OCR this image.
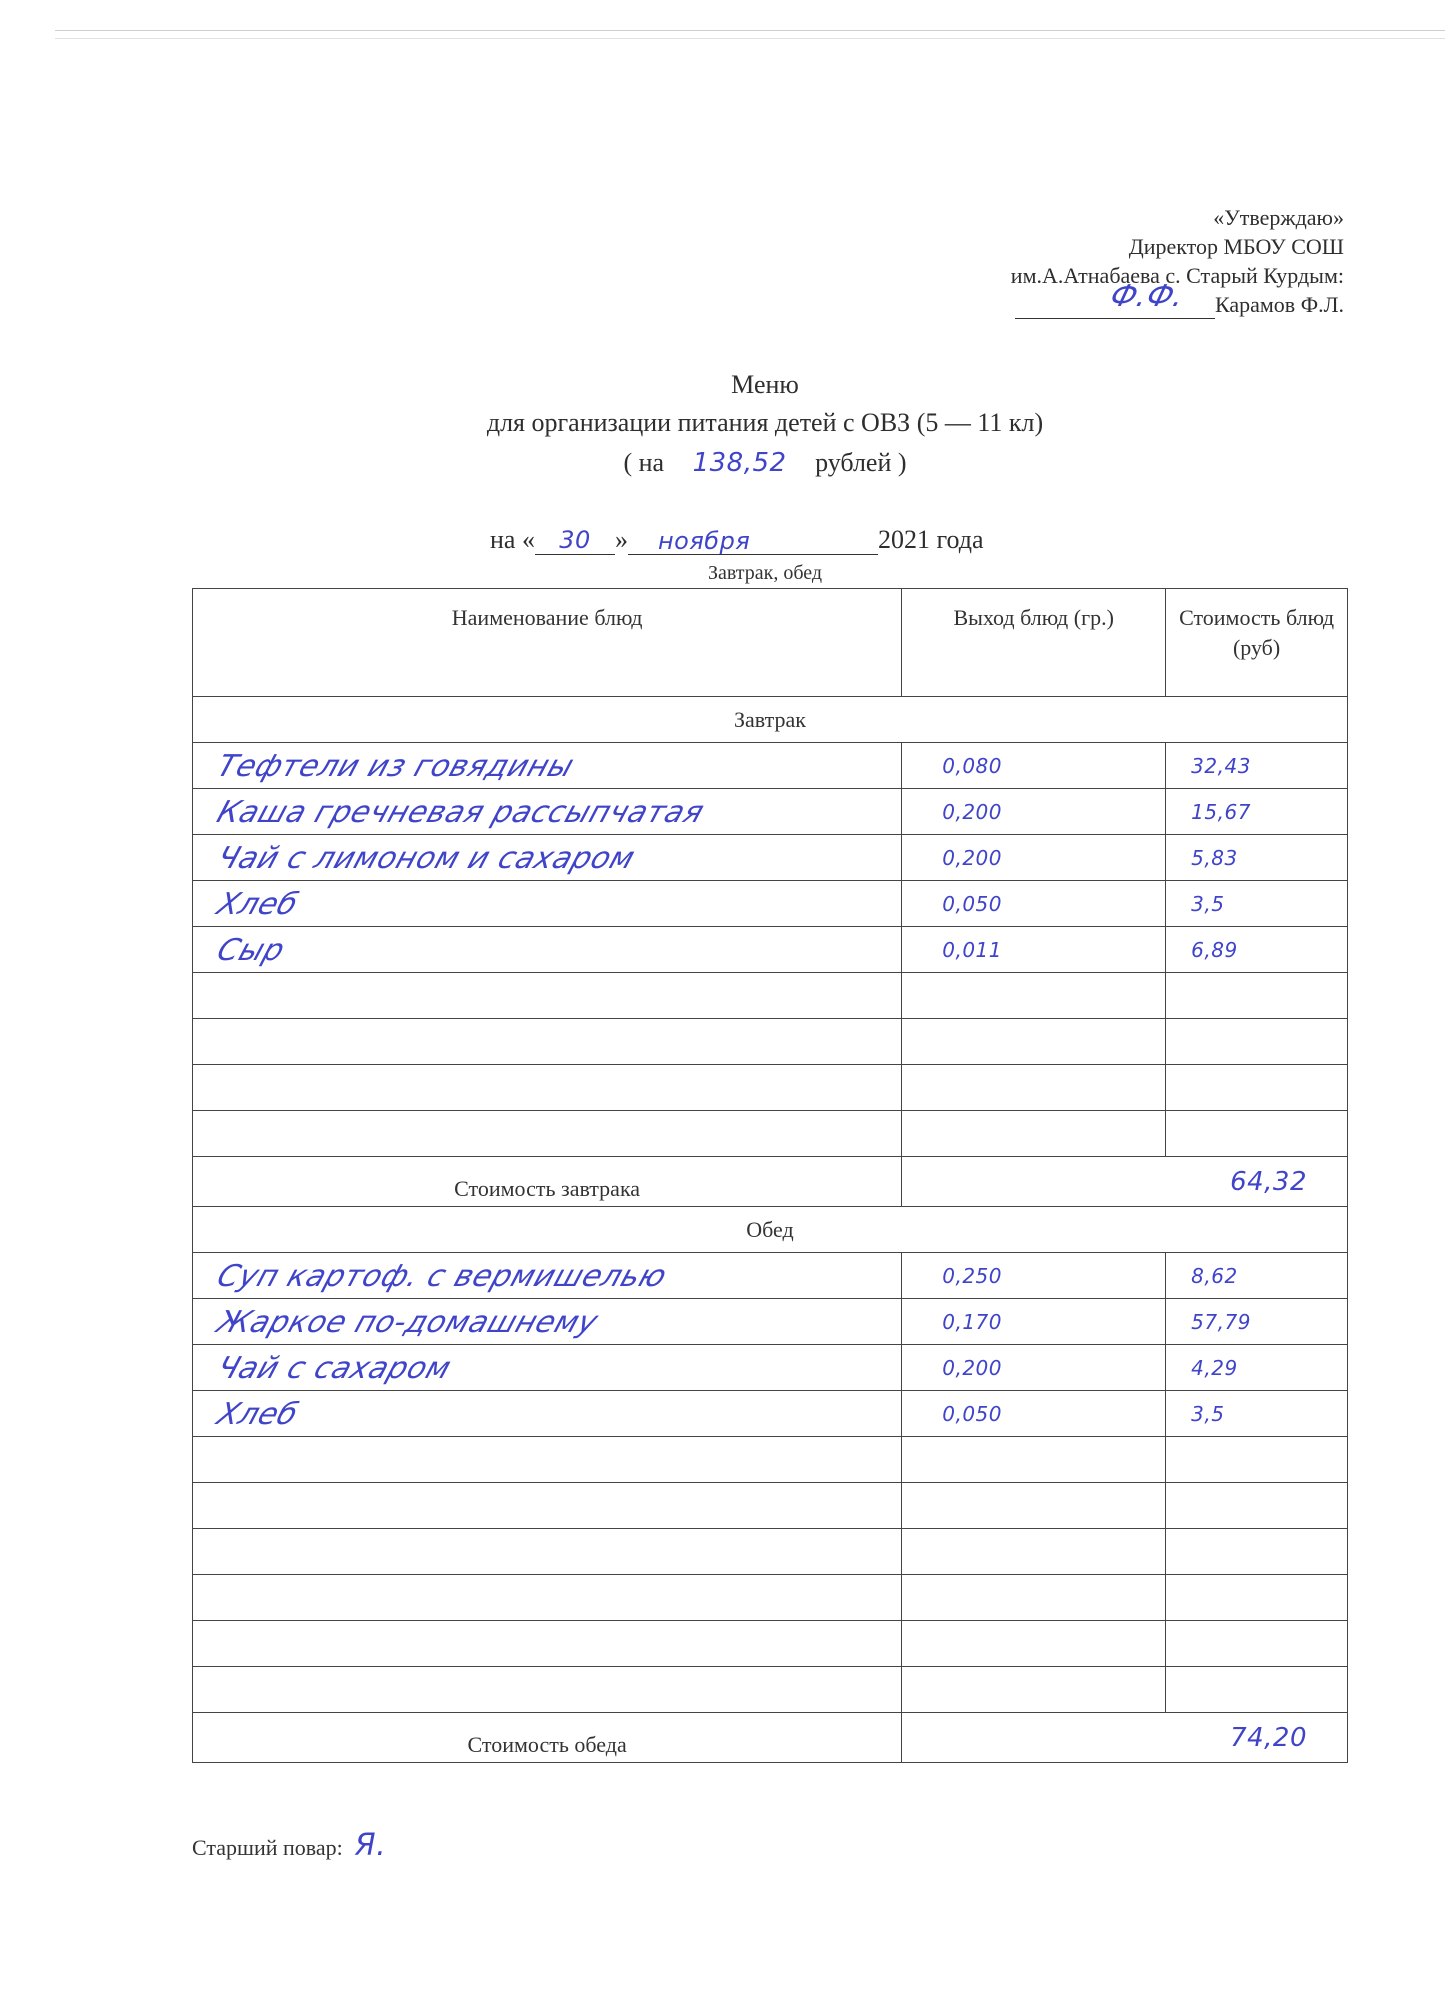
«Утверждаю»
Директор МБОУ СОШ
им.А.Атнабаева с. Старый Курдым:
Ф.Ф. Карамов Ф.Л.
Меню
для организации питания детей с ОВЗ (5 — 11 кл)
( на 138,52 рублей )
на « 30 » ноября	2021 года
Завтрак, обед
Наименование блюд	Выход блюд (гр.)	Стоимость блюд (руб)
Завтрак		
Тефтели из говядины	0,080	32,43
Каша гречневая рассыпчатая	0,200	15,67
Чай с лимоном и сахаром	0,200	5,83
Хлеб	0,050	3,5
Сыр	0,011	6,89

Стоимость завтрака	64,32	
Обед		
Суп картоф. с вермишелью	0,250	8,62
Жаркое по-домашнему	0,170	57,79
Чай с сахаром	0,200	4,29
Хлеб	0,050	3,5

Стоимость обеда	74,20	
Старший повар: Я.
